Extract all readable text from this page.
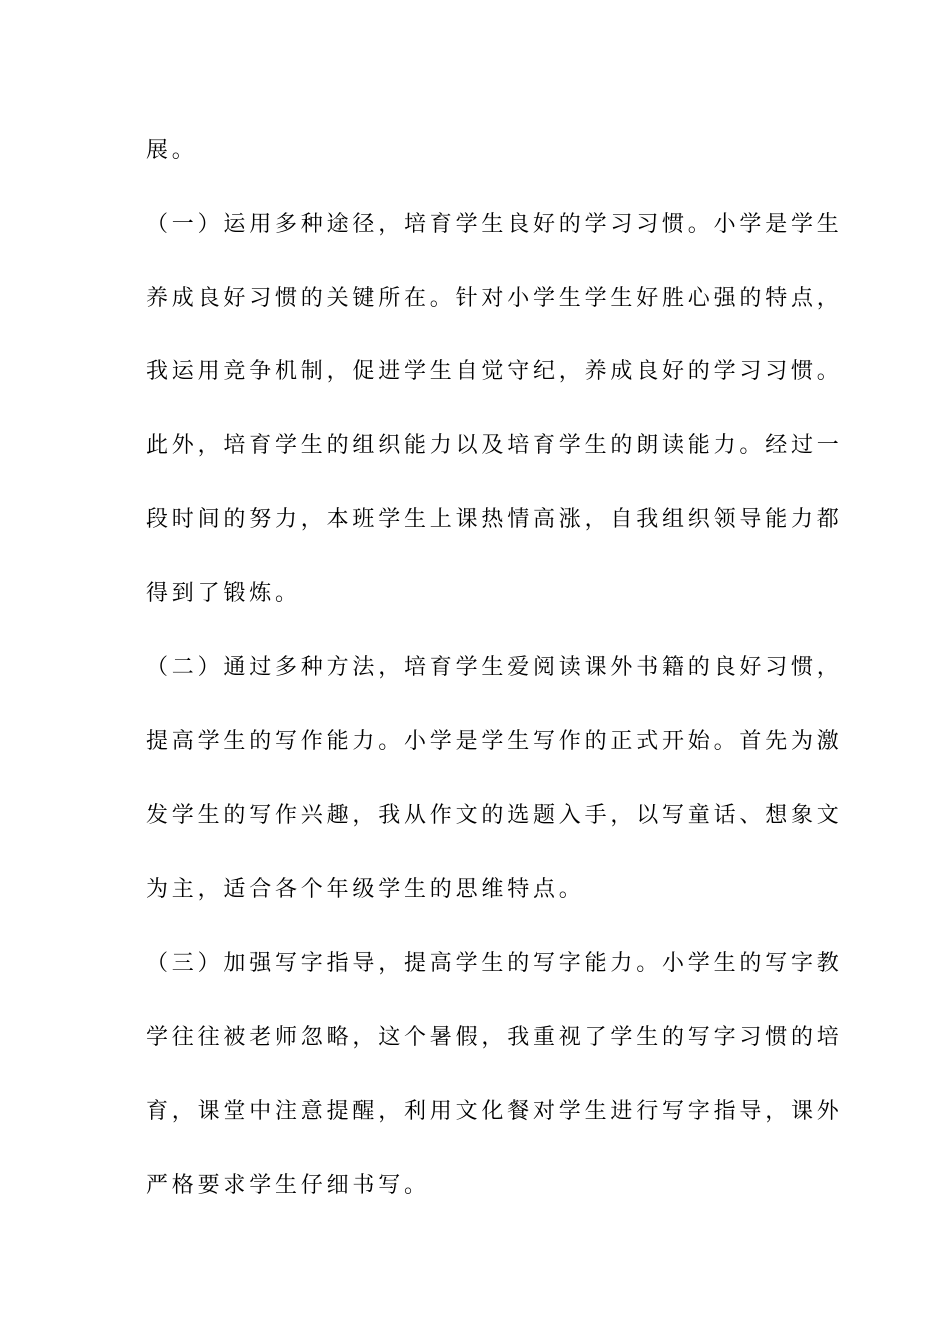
展。
（一）运用多种途径，培育学生良好的学习习惯。小学是学生
养成良好习惯的关键所在。针对小学生学生好胜心强的特点，
我运用竞争机制，促进学生自觉守纪，养成良好的学习习惯。
此外，培育学生的组织能力以及培育学生的朗读能力。经过一
段时间的努力，本班学生上课热情高涨，自我组织领导能力都
得到了锻炼。
（二）通过多种方法，培育学生爱阅读课外书籍的良好习惯，
提高学生的写作能力。小学是学生写作的正式开始。首先为激
发学生的写作兴趣，我从作文的选题入手，以写童话、想象文
为主，适合各个年级学生的思维特点。
（三）加强写字指导，提高学生的写字能力。小学生的写字教
学往往被老师忽略，这个暑假，我重视了学生的写字习惯的培
育，课堂中注意提醒，利用文化餐对学生进行写字指导，课外
严格要求学生仔细书写。
